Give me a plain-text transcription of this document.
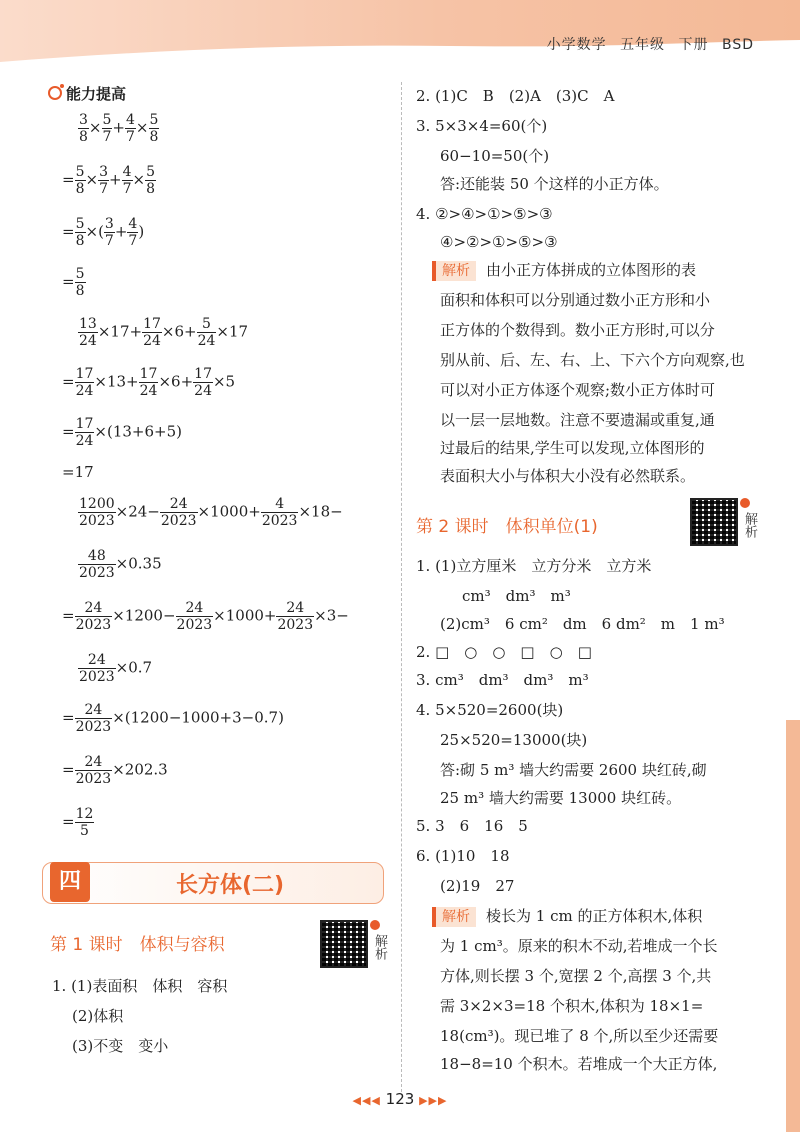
小学数学 五年级 下册 BSD
能力提高
$\frac{3}{8} \times \frac{5}{7} + \frac{4}{7} \times \frac{5}{8}$
= $\frac{5}{8} \times \frac{3}{7} + \frac{4}{7} \times \frac{5}{8}$
= $\frac{5}{8}$ ×( $\frac{3}{7} + \frac{4}{7}$ )
= $\frac{5}{8}$
$\frac{13}{24} \times 17+ \frac{17}{24} \times 6+ \frac{5}{24} \times 17$
= $\frac{17}{24} \times 13+ \frac{17}{24} \times 6+ \frac{17}{24} \times 5$
= $\frac{17}{24} \times(13+6+5)$
=17
$\frac{1200}{2023} \times 24- \frac{24}{2023} \times 1000+ \frac{4}{2023} \times 18-$
$\frac{48}{2023} \times 0.35$
= $\frac{24}{2023} \times 1200- \frac{24}{2023} \times 1000+ \frac{24}{2023} \times 3-$
$\frac{24}{2023} \times 0.7$
= $\frac{24}{2023} \times(1200-1000+3-0.7)$
= $\frac{24}{2023} \times 202.3$
= $\frac{12}{5}$
四	长方体(二)
第 1 课时　体积与容积	解析
1. (1)表面积　体积　容积
(2)体积
(3)不变　变小
2. (1)C　B　(2)A　(3)C　A
3. 5×3×4=60(个)
60−10=50(个)
答:还能装 50 个这样的小正方体。
4. ②>④>①>⑤>③
④>②>①>⑤>③
解析 由小正方体拼成的立体图形的表
面积和体积可以分别通过数小正方形和小
正方体的个数得到。数小正方形时,可以分
别从前、后、左、右、上、下六个方向观察,也
可以对小正方体逐个观察;数小正方体时可
以一层一层地数。注意不要遗漏或重复,通
过最后的结果,学生可以发现,立体图形的
表面积大小与体积大小没有必然联系。
第 2 课时　体积单位(1)	解析
1. (1)立方厘米　立方分米　立方米
cm³　dm³　m³
(2)cm³　6 cm²　dm　6 dm²　m　1 m³
2. □　○　○　□　○　□
3. cm³　dm³　dm³　m³
4. 5×520=2600(块)
25×520=13000(块)
答:砌 5 m³ 墙大约需要 2600 块红砖,砌
25 m³ 墙大约需要 13000 块红砖。
5. 3　6　16　5
6. (1)10　18
(2)19　27
解析 棱长为 1 cm 的正方体积木,体积
为 1 cm³。原来的积木不动,若堆成一个长
方体,则长摆 3 个,宽摆 2 个,高摆 3 个,共
需 3×2×3=18 个积木,体积为 18×1=
18(cm³)。现已堆了 8 个,所以至少还需要
18−8=10 个积木。若堆成一个大正方体,
◀◀◀ 123 ▶▶▶
